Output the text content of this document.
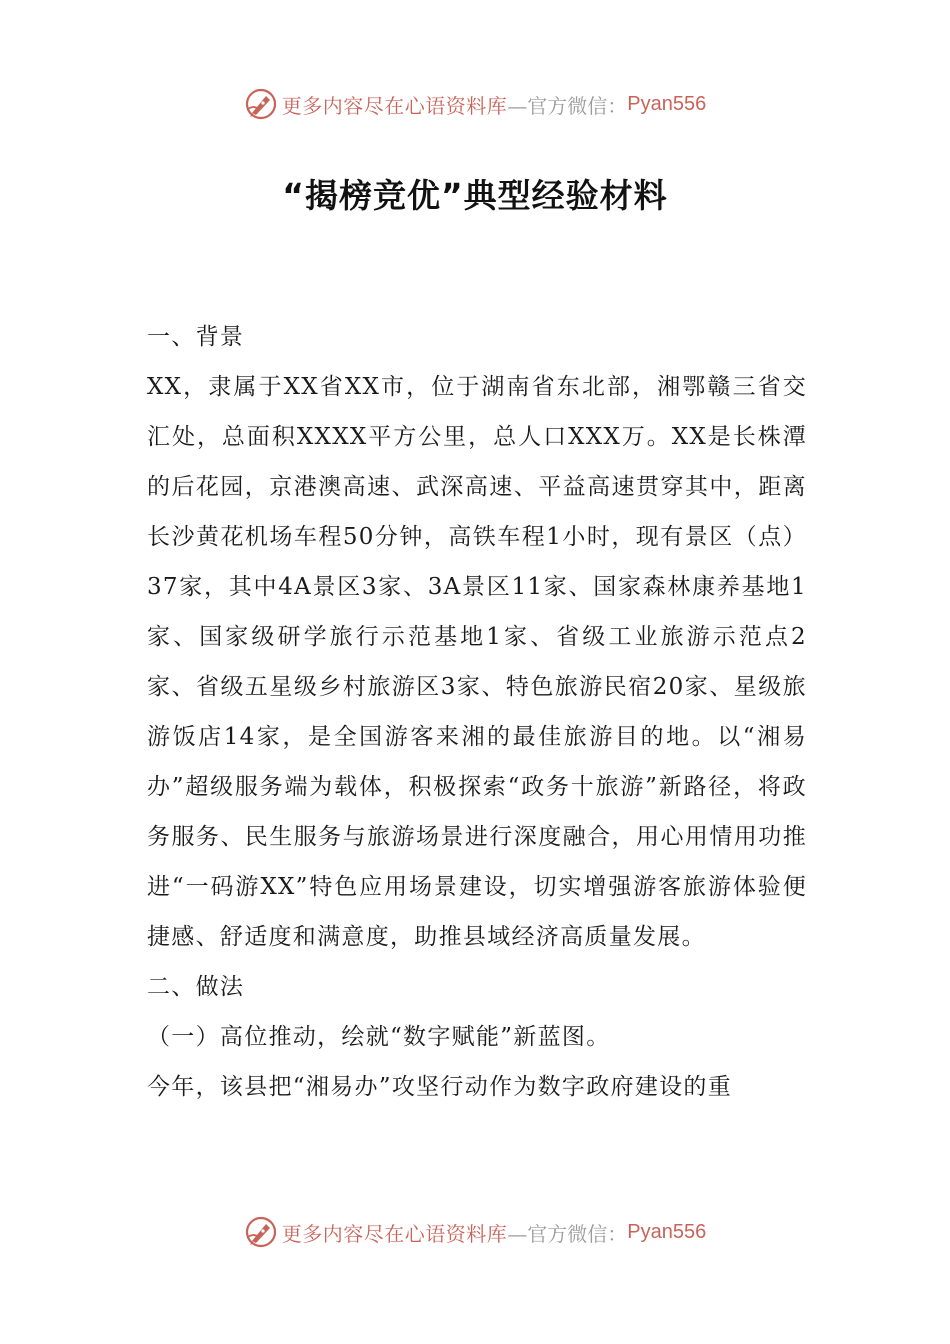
更多内容尽在心语资料库 —官方微信： Pyan556
“揭榜竞优”典型经验材料

一、背景

XX，隶属于XX省XX市，位于湖南省东北部，湘鄂赣三省交汇处，总面积XXXX平方公里，总人口XXX万。XX是长株潭的后花园，京港澳高速、武深高速、平益高速贯穿其中，距离长沙黄花机场车程50分钟，高铁车程1小时，现有景区（点）37家，其中4A景区3家、3A景区11家、国家森林康养基地1家、国家级研学旅行示范基地1家、省级工业旅游示范点2家、省级五星级乡村旅游区3家、特色旅游民宿20家、星级旅游饭店14家，是全国游客来湘的最佳旅游目的地。以“湘易办”超级服务端为载体，积极探索“政务十旅游”新路径，将政务服务、民生服务与旅游场景进行深度融合，用心用情用功推进“一码游XX”特色应用场景建设，切实增强游客旅游体验便捷感、舒适度和满意度，助推县域经济高质量发展。

二、做法

（一）高位推动，绘就“数字赋能”新蓝图。

今年，该县把“湘易办”攻坚行动作为数字政府建设的重

更多内容尽在心语资料库 —官方微信： Pyan556
